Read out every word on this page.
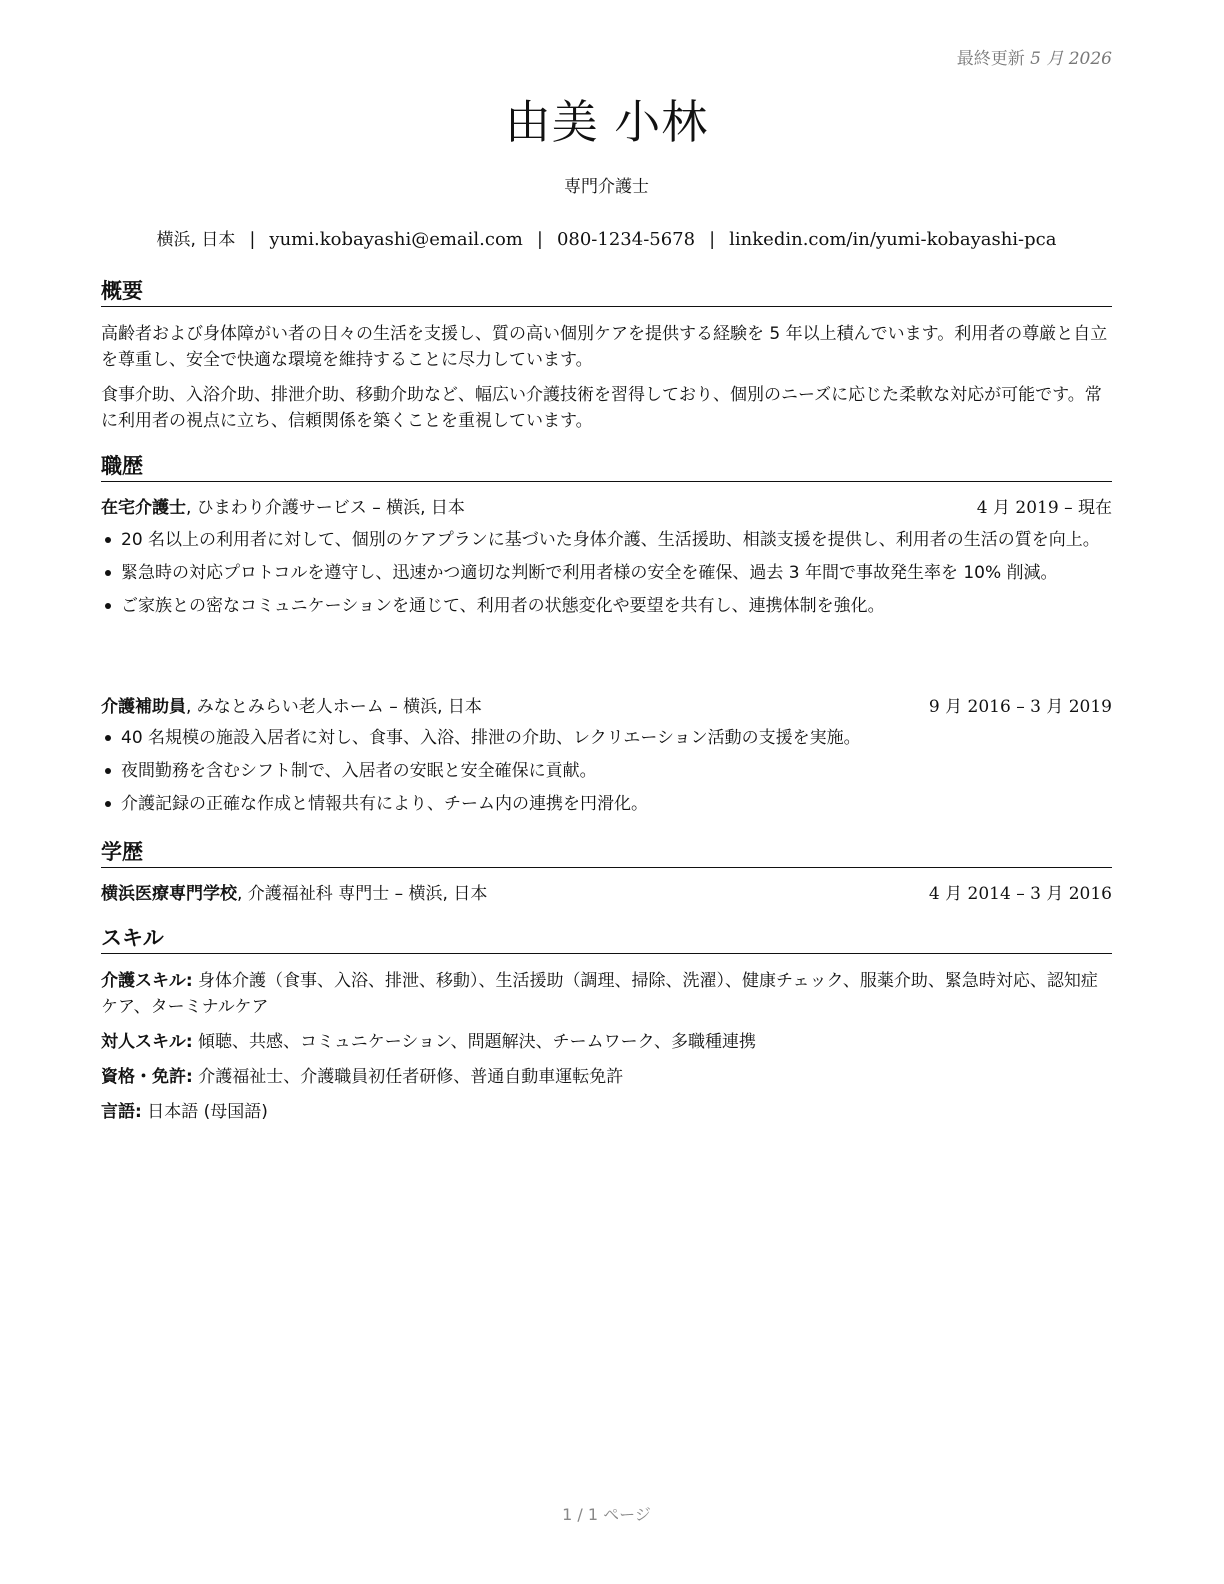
最終更新 5 月 2026
由美 小林
専門介護士
横浜, 日本 | yumi.kobayashi@email.com | 080-1234-5678 | linkedin.com/in/yumi-kobayashi-pca
概要

高齢者および身体障がい者の日々の生活を支援し、質の高い個別ケアを提供する経験を 5 年以上積んでいます。利用者の尊厳と自立を尊重し、安全で快適な環境を維持することに尽力しています。

食事介助、入浴介助、排泄介助、移動介助など、幅広い介護技術を習得しており、個別のニーズに応じた柔軟な対応が可能です。常に利用者の視点に立ち、信頼関係を築くことを重視しています。

職歴
在宅介護士, ひまわり介護サービス – 横浜, 日本	4 月 2019 – 現在
20 名以上の利用者に対して、個別のケアプランに基づいた身体介護、生活援助、相談支援を提供し、利用者の生活の質を向上。
緊急時の対応プロトコルを遵守し、迅速かつ適切な判断で利用者様の安全を確保、過去 3 年間で事故発生率を 10% 削減。
ご家族との密なコミュニケーションを通じて、利用者の状態変化や要望を共有し、連携体制を強化。
介護補助員, みなとみらい老人ホーム – 横浜, 日本	9 月 2016 – 3 月 2019
40 名規模の施設入居者に対し、食事、入浴、排泄の介助、レクリエーション活動の支援を実施。
夜間勤務を含むシフト制で、入居者の安眠と安全確保に貢献。
介護記録の正確な作成と情報共有により、チーム内の連携を円滑化。
学歴
横浜医療専門学校, 介護福祉科 専門士 – 横浜, 日本	4 月 2014 – 3 月 2016
スキル
介護スキル: 身体介護（食事、入浴、排泄、移動）、生活援助（調理、掃除、洗濯）、健康チェック、服薬介助、緊急時対応、認知症ケア、ターミナルケア
対人スキル: 傾聴、共感、コミュニケーション、問題解決、チームワーク、多職種連携
資格・免許: 介護福祉士、介護職員初任者研修、普通自動車運転免許
言語: 日本語 (母国語)
1 / 1 ページ
